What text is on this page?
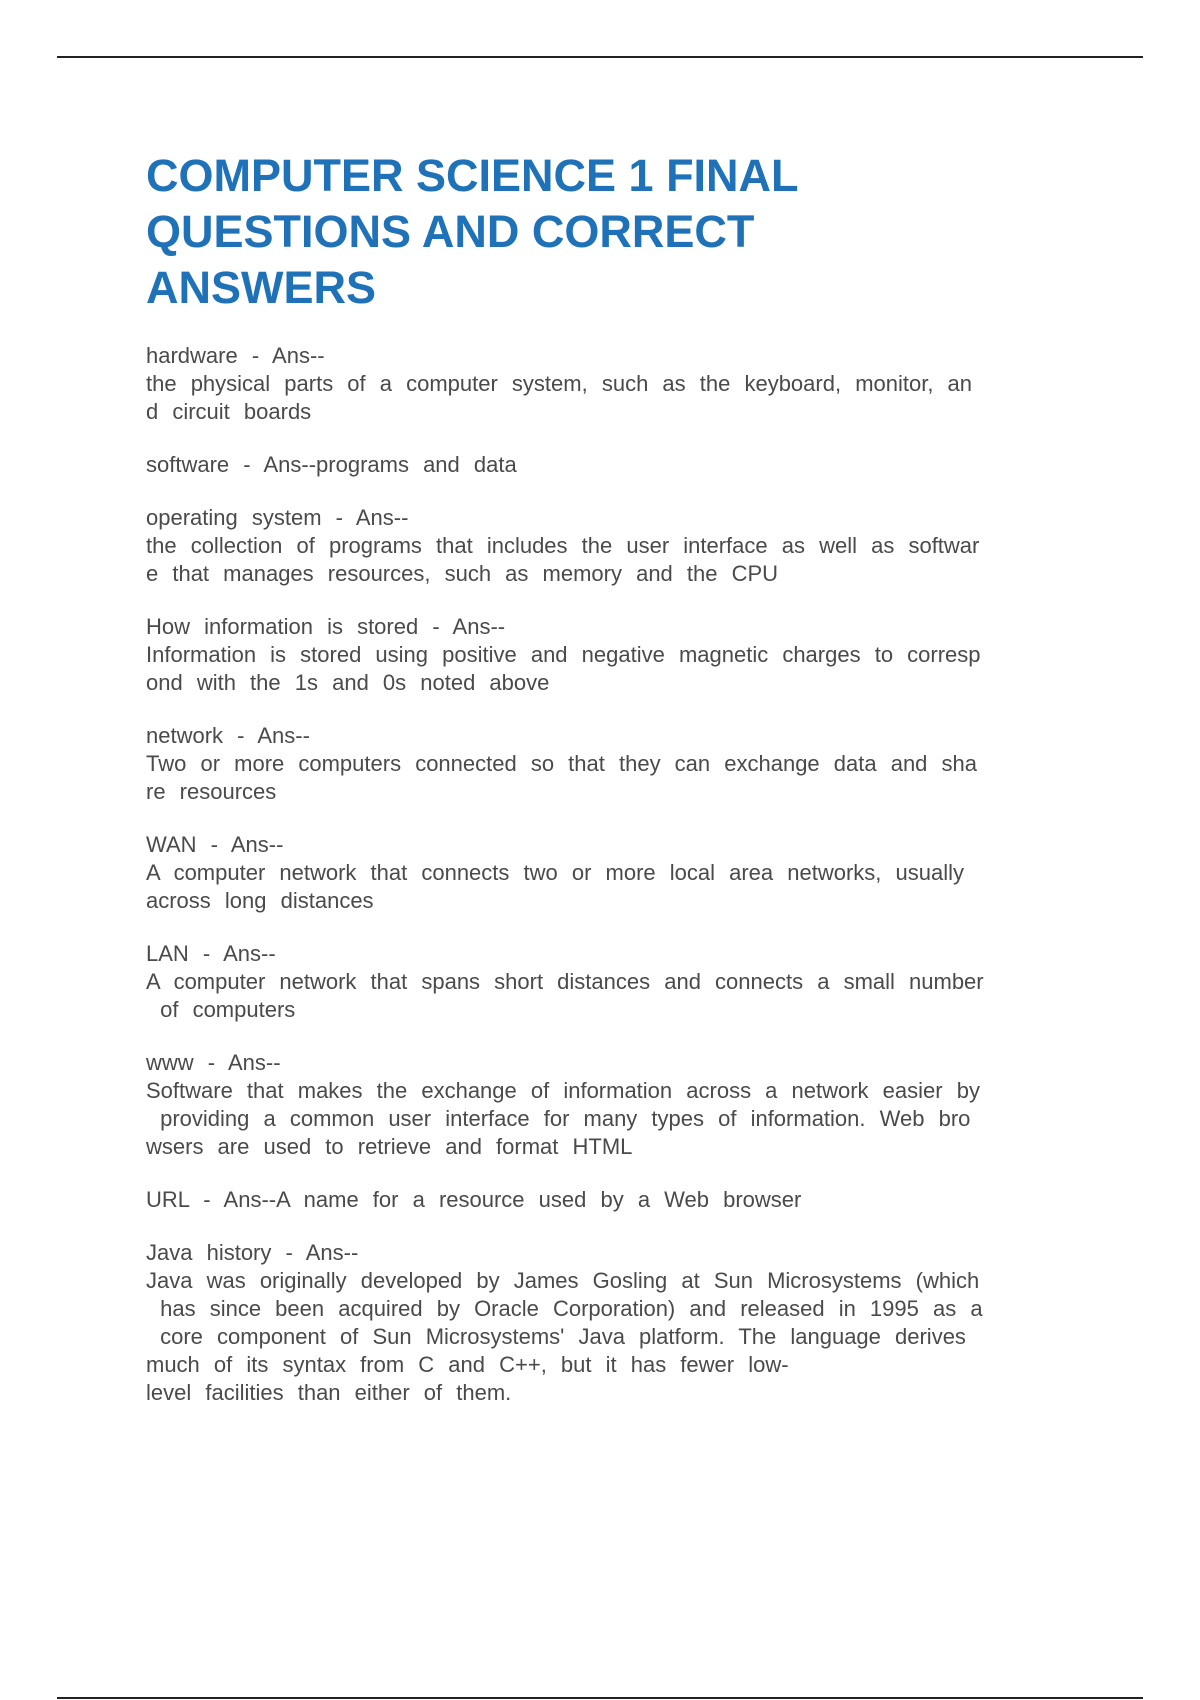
COMPUTER SCIENCE 1 FINAL
QUESTIONS AND CORRECT
ANSWERS
hardware - Ans--
the physical parts of a computer system, such as the keyboard, monitor, an
d circuit boards
software - Ans--programs and data
operating system - Ans--
the collection of programs that includes the user interface as well as softwar
e that manages resources, such as memory and the CPU
How information is stored - Ans--
Information is stored using positive and negative magnetic charges to corresp
ond with the 1s and 0s noted above
network - Ans--
Two or more computers connected so that they can exchange data and sha
re resources
WAN - Ans--
A computer network that connects two or more local area networks, usually
across long distances
LAN - Ans--
A computer network that spans short distances and connects a small number
of computers
www - Ans--
Software that makes the exchange of information across a network easier by
providing a common user interface for many types of information. Web bro
wsers are used to retrieve and format HTML
URL - Ans--A name for a resource used by a Web browser
Java history - Ans--
Java was originally developed by James Gosling at Sun Microsystems (which
has since been acquired by Oracle Corporation) and released in 1995 as a
core component of Sun Microsystems' Java platform. The language derives
much of its syntax from C and C++, but it has fewer low-
level facilities than either of them.
